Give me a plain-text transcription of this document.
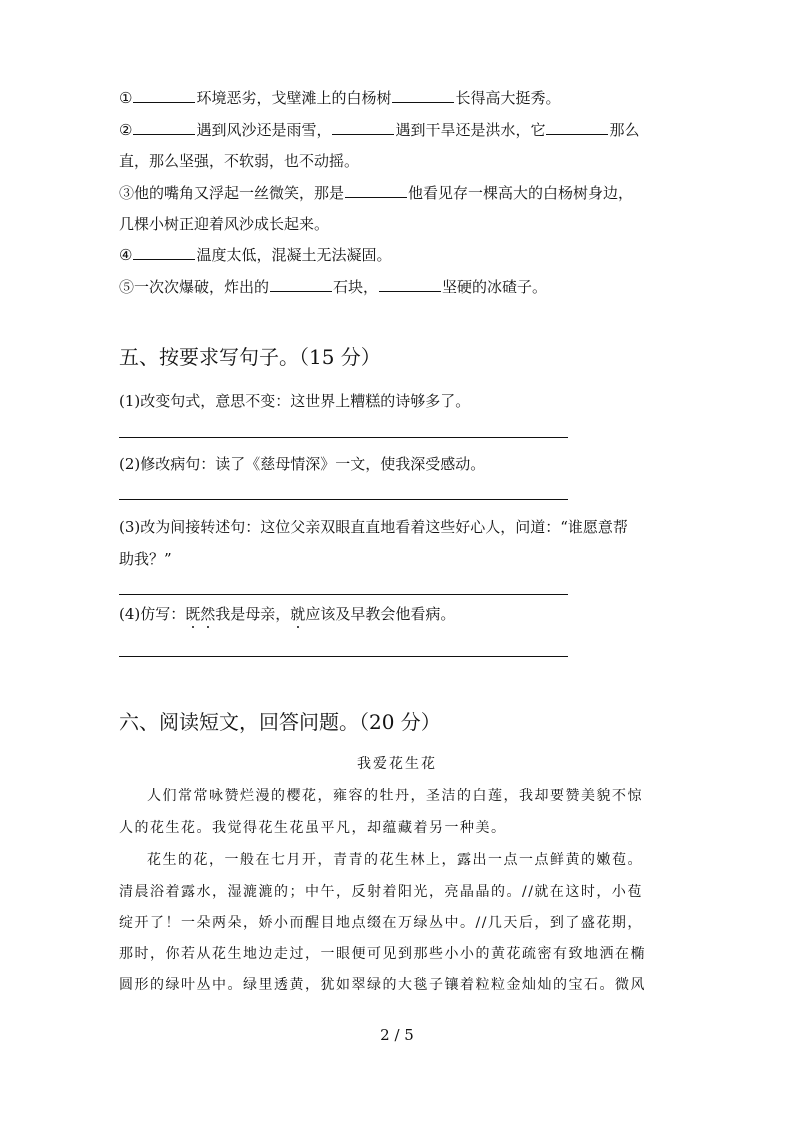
①	环境恶劣，戈壁滩上的白杨树	长得高大挺秀。
②	遇到风沙还是雨雪，	遇到干旱还是洪水，它	那么
直，那么坚强，不软弱，也不动摇。
③他的嘴角又浮起一丝微笑，那是	他看见存一棵高大的白杨树身边，
几棵小树正迎着风沙成长起来。
④	温度太低，混凝土无法凝固。
⑤一次次爆破，炸出的	石块，	坚硬的冰碴子。
五、按要求写句子。（15 分）
(1)改变句式，意思不变：这世界上糟糕的诗够多了。
(2)修改病句：读了《慈母情深》一文，使我深受感动。
(3)改为间接转述句：这位父亲双眼直直地看着这些好心人，问道：“谁愿意帮
助我？”
(4)仿写：既然我是母亲，就应该及早教会他看病。
六、阅读短文，回答问题。（20 分）
我爱花生花
人们常常咏赞烂漫的樱花，雍容的牡丹，圣洁的白莲，我却要赞美貌不惊
人的花生花。我觉得花生花虽平凡，却蕴藏着另一种美。
花生的花，一般在七月开，青青的花生林上，露出一点一点鲜黄的嫩苞。
清晨浴着露水，湿漉漉的；中午，反射着阳光，亮晶晶的。//就在这时，小苞
绽开了！一朵两朵，娇小而醒目地点缀在万绿丛中。//几天后，到了盛花期，
那时，你若从花生地边走过，一眼便可见到那些小小的黄花疏密有致地洒在椭
圆形的绿叶丛中。绿里透黄，犹如翠绿的大毯子镶着粒粒金灿灿的宝石。微风
2 / 5
